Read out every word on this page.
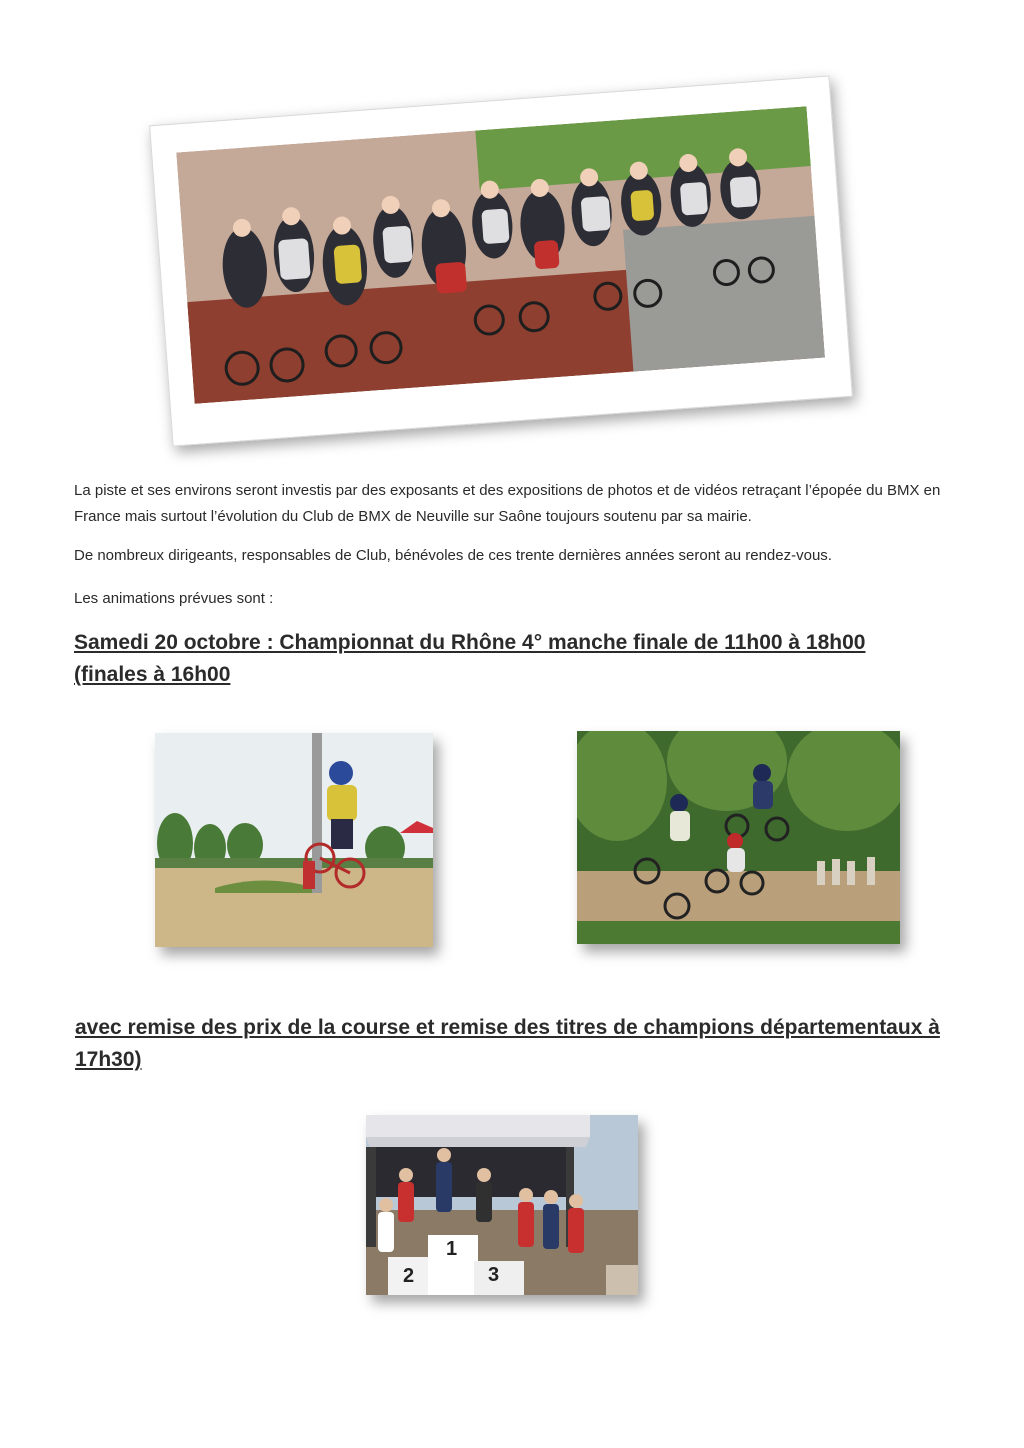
La piste et ses environs seront investis par des exposants et des expositions de photos et de vidéos retraçant l’épopée du BMX en France mais surtout l’évolution du Club de BMX de Neuville sur Saône toujours soutenu par sa mairie.
De nombreux dirigeants, responsables de Club, bénévoles de ces trente dernières années seront au rendez-vous.
Les animations prévues sont :
Samedi 20 octobre : Championnat du Rhône 4° manche finale de 11h00 à 18h00 (finales à 16h00
avec remise des prix de la course et remise des titres de champions départementaux à 17h30)
2
1
3
